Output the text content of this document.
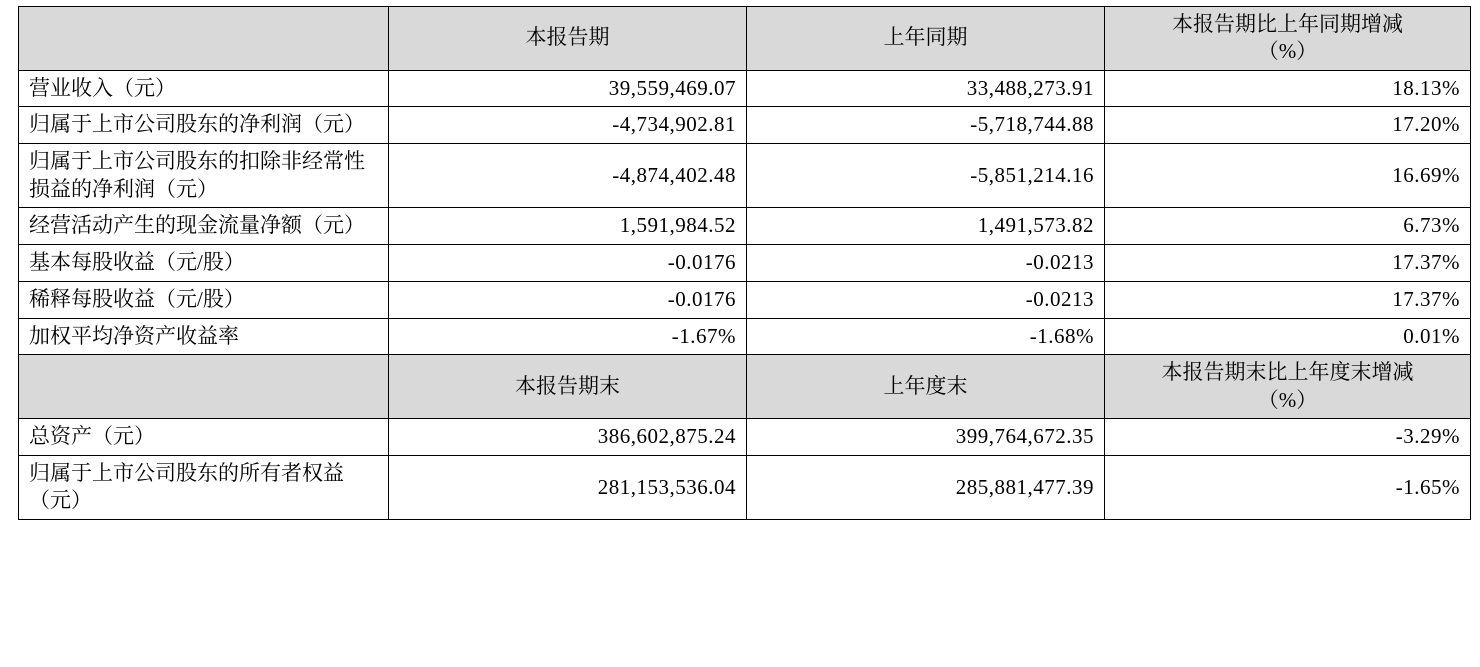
	本报告期	上年同期	本报告期比上年同期增减
（%）

营业收入（元）	39,559,469.07	33,488,273.91	18.13%
归属于上市公司股东的净利润（元）	-4,734,902.81	-5,718,744.88	17.20%
归属于上市公司股东的扣除非经常性损益的净利润（元）	-4,874,402.48	-5,851,214.16	16.69%
经营活动产生的现金流量净额（元）	1,591,984.52	1,491,573.82	6.73%
基本每股收益（元/股）	-0.0176	-0.0213	17.37%
稀释每股收益（元/股）	-0.0176	-0.0213	17.37%
加权平均净资产收益率	-1.67%	-1.68%	0.01%
	本报告期末	上年度末	本报告期末比上年度末增减
（%）

总资产（元）	386,602,875.24	399,764,672.35	-3.29%
归属于上市公司股东的所有者权益（元）	281,153,536.04	285,881,477.39	-1.65%
